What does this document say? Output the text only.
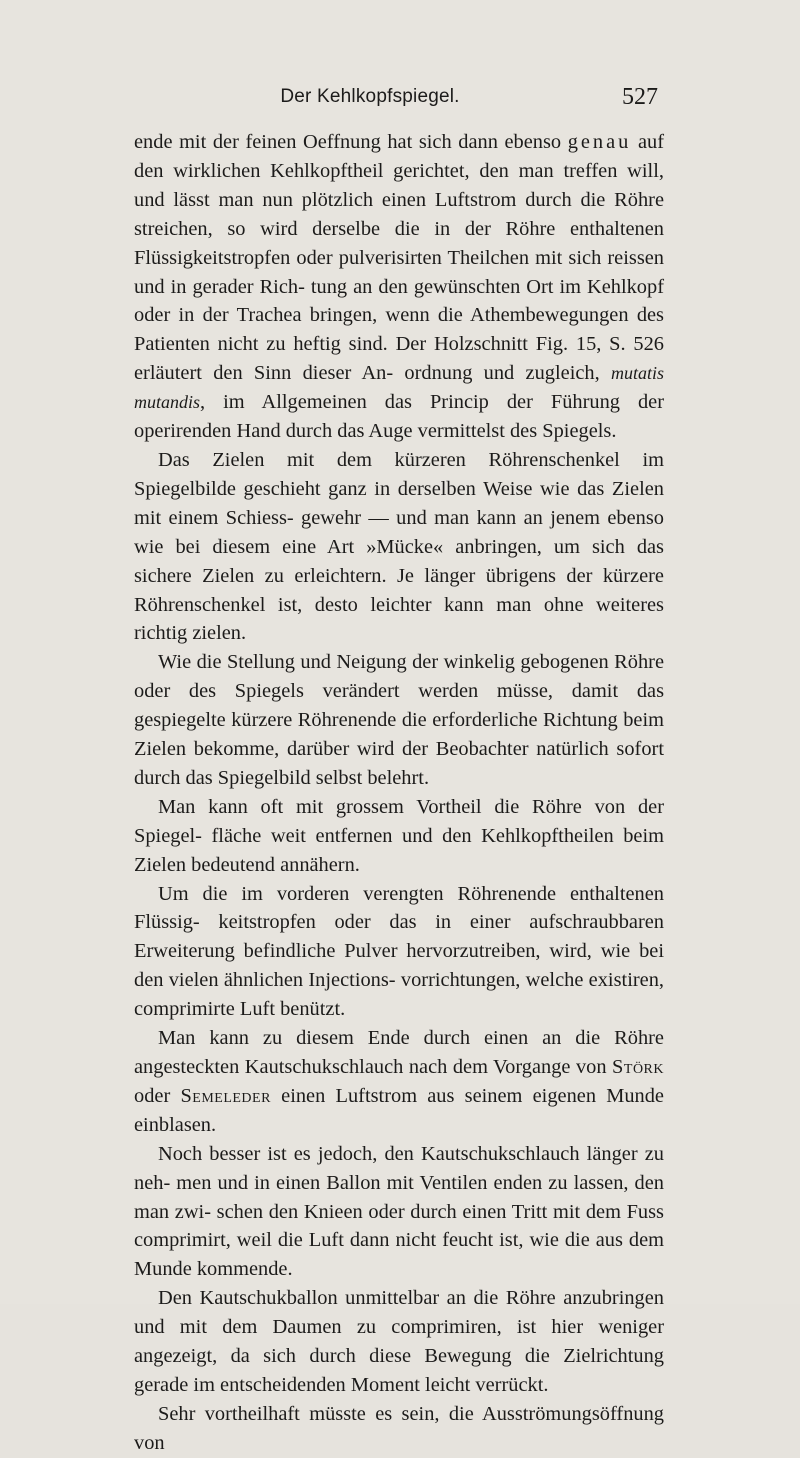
Der Kehlkopfspiegel.	527

ende mit der feinen Oeffnung hat sich dann ebenso genau auf den wirklichen Kehlkopftheil gerichtet, den man treffen will, und lässt man nun plötzlich einen Luftstrom durch die Röhre streichen, so wird derselbe die in der Röhre enthaltenen Flüssigkeitstropfen oder pulverisirten Theilchen mit sich reissen und in gerader Rich- tung an den gewünschten Ort im Kehlkopf oder in der Trachea bringen, wenn die Athembewegungen des Patienten nicht zu heftig sind. Der Holzschnitt Fig. 15, S. 526 erläutert den Sinn dieser An- ordnung und zugleich, mutatis mutandis, im Allgemeinen das Princip der Führung der operirenden Hand durch das Auge vermittelst des Spiegels.

Das Zielen mit dem kürzeren Röhrenschenkel im Spiegelbilde geschieht ganz in derselben Weise wie das Zielen mit einem Schiess- gewehr — und man kann an jenem ebenso wie bei diesem eine Art »Mücke« anbringen, um sich das sichere Zielen zu erleichtern. Je länger übrigens der kürzere Röhrenschenkel ist, desto leichter kann man ohne weiteres richtig zielen.

Wie die Stellung und Neigung der winkelig gebogenen Röhre oder des Spiegels verändert werden müsse, damit das gespiegelte kürzere Röhrenende die erforderliche Richtung beim Zielen bekomme, darüber wird der Beobachter natürlich sofort durch das Spiegelbild selbst belehrt.

Man kann oft mit grossem Vortheil die Röhre von der Spiegel- fläche weit entfernen und den Kehlkopftheilen beim Zielen bedeutend annähern.

Um die im vorderen verengten Röhrenende enthaltenen Flüssig- keitstropfen oder das in einer aufschraubbaren Erweiterung befindliche Pulver hervorzutreiben, wird, wie bei den vielen ähnlichen Injections- vorrichtungen, welche existiren, comprimirte Luft benützt.

Man kann zu diesem Ende durch einen an die Röhre angesteckten Kautschukschlauch nach dem Vorgange von Störk oder Semeleder einen Luftstrom aus seinem eigenen Munde einblasen.

Noch besser ist es jedoch, den Kautschukschlauch länger zu neh- men und in einen Ballon mit Ventilen enden zu lassen, den man zwi- schen den Knieen oder durch einen Tritt mit dem Fuss comprimirt, weil die Luft dann nicht feucht ist, wie die aus dem Munde kommende.

Den Kautschukballon unmittelbar an die Röhre anzubringen und mit dem Daumen zu comprimiren, ist hier weniger angezeigt, da sich durch diese Bewegung die Zielrichtung gerade im entscheidenden Moment leicht verrückt.

Sehr vortheilhaft müsste es sein, die Ausströmungsöffnung von
